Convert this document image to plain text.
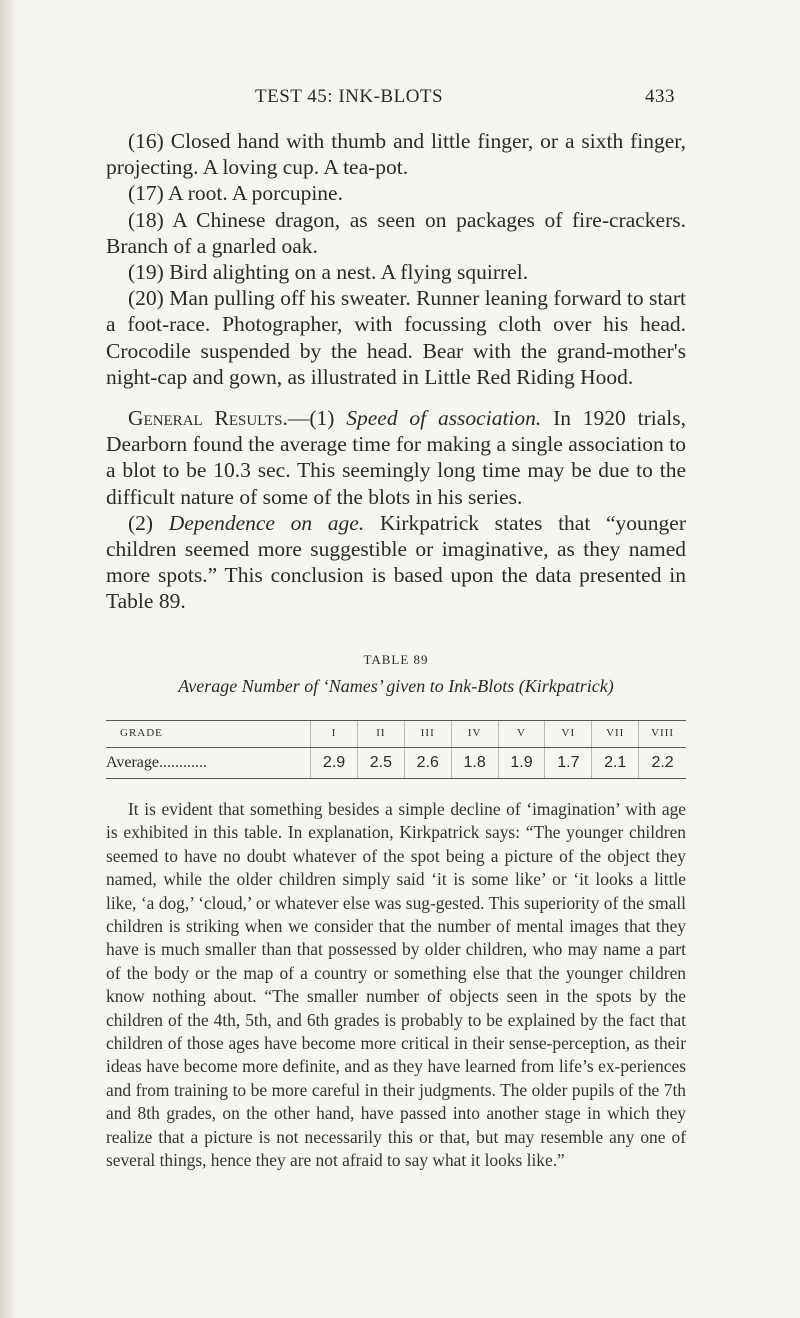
TEST 45: INK-BLOTS	433

(16) Closed hand with thumb and little finger, or a sixth finger, projecting. A loving cup. A tea-pot.

(17) A root. A porcupine.

(18) A Chinese dragon, as seen on packages of fire-crackers. Branch of a gnarled oak.

(19) Bird alighting on a nest. A flying squirrel.

(20) Man pulling off his sweater. Runner leaning forward to start a foot-race. Photographer, with focussing cloth over his head. Crocodile suspended by the head. Bear with the grand-mother's night-cap and gown, as illustrated in Little Red Riding Hood.

General Results.—(1) Speed of association. In 1920 trials, Dearborn found the average time for making a single association to a blot to be 10.3 sec. This seemingly long time may be due to the difficult nature of some of the blots in his series.

(2) Dependence on age. Kirkpatrick states that “younger children seemed more suggestible or imaginative, as they named more spots.” This conclusion is based upon the data presented in Table 89.

TABLE 89
Average Number of ‘Names’ given to Ink-Blots (Kirkpatrick)
GRADE	I	II	III	IV	V	VI	VII	VIII
Average............	2.9	2.5	2.6	1.8	1.9	1.7	2.1	2.2

It is evident that something besides a simple decline of ‘imagination’ with age is exhibited in this table. In explanation, Kirkpatrick says: “The younger children seemed to have no doubt whatever of the spot being a picture of the object they named, while the older children simply said ‘it is some like’ or ‘it looks a little like, ‘a dog,’ ‘cloud,’ or whatever else was sug-gested. This superiority of the small children is striking when we consider that the number of mental images that they have is much smaller than that possessed by older children, who may name a part of the body or the map of a country or something else that the younger children know nothing about. “The smaller number of objects seen in the spots by the children of the 4th, 5th, and 6th grades is probably to be explained by the fact that children of those ages have become more critical in their sense-perception, as their ideas have become more definite, and as they have learned from life’s ex-periences and from training to be more careful in their judgments. The older pupils of the 7th and 8th grades, on the other hand, have passed into another stage in which they realize that a picture is not necessarily this or that, but may resemble any one of several things, hence they are not afraid to say what it looks like.”
